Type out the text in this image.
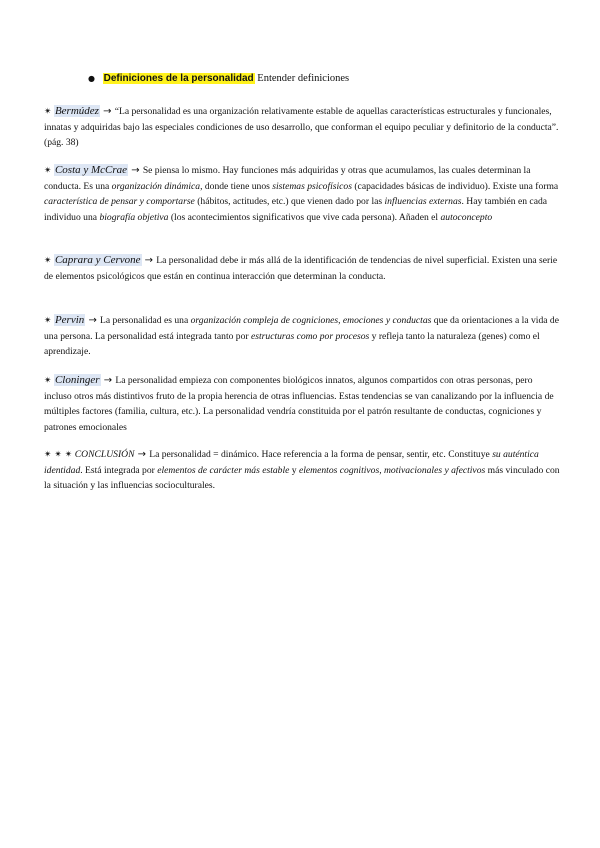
● Definiciones de la personalidad Entender definiciones
✴ Bermúdez → “La personalidad es una organización relativamente estable de aquellas características estructurales y funcionales, innatas y adquiridas bajo las especiales condiciones de uso desarrollo, que conforman el equipo peculiar y definitorio de la conducta”. (pág. 38)
✴ Costa y McCrae → Se piensa lo mismo. Hay funciones más adquiridas y otras que acumulamos, las cuales determinan la conducta. Es una organización dinámica, donde tiene unos sistemas psicofísicos (capacidades básicas de individuo). Existe una forma característica de pensar y comportarse (hábitos, actitudes, etc.) que vienen dado por las influencias externas. Hay también en cada individuo una biografía objetiva (los acontecimientos significativos que vive cada persona). Añaden el autoconcepto
✴ Caprara y Cervone → La personalidad debe ir más allá de la identificación de tendencias de nivel superficial. Existen una serie de elementos psicológicos que están en continua interacción que determinan la conducta.
✴ Pervin → La personalidad es una organización compleja de cogniciones, emociones y conductas que da orientaciones a la vida de una persona. La personalidad está integrada tanto por estructuras como por procesos y refleja tanto la naturaleza (genes) como el aprendizaje.
✴ Cloninger → La personalidad empieza con componentes biológicos innatos, algunos compartidos con otras personas, pero incluso otros más distintivos fruto de la propia herencia de otras influencias. Estas tendencias se van canalizando por la influencia de múltiples factores (familia, cultura, etc.). La personalidad vendría constituida por el patrón resultante de conductas, cogniciones y patrones emocionales
✴ ✴ ✴ CONCLUSIÓN → La personalidad = dinámico. Hace referencia a la forma de pensar, sentir, etc. Constituye su auténtica identidad. Está integrada por elementos de carácter más estable y elementos cognitivos, motivacionales y afectivos más vinculado con la situación y las influencias socioculturales.
